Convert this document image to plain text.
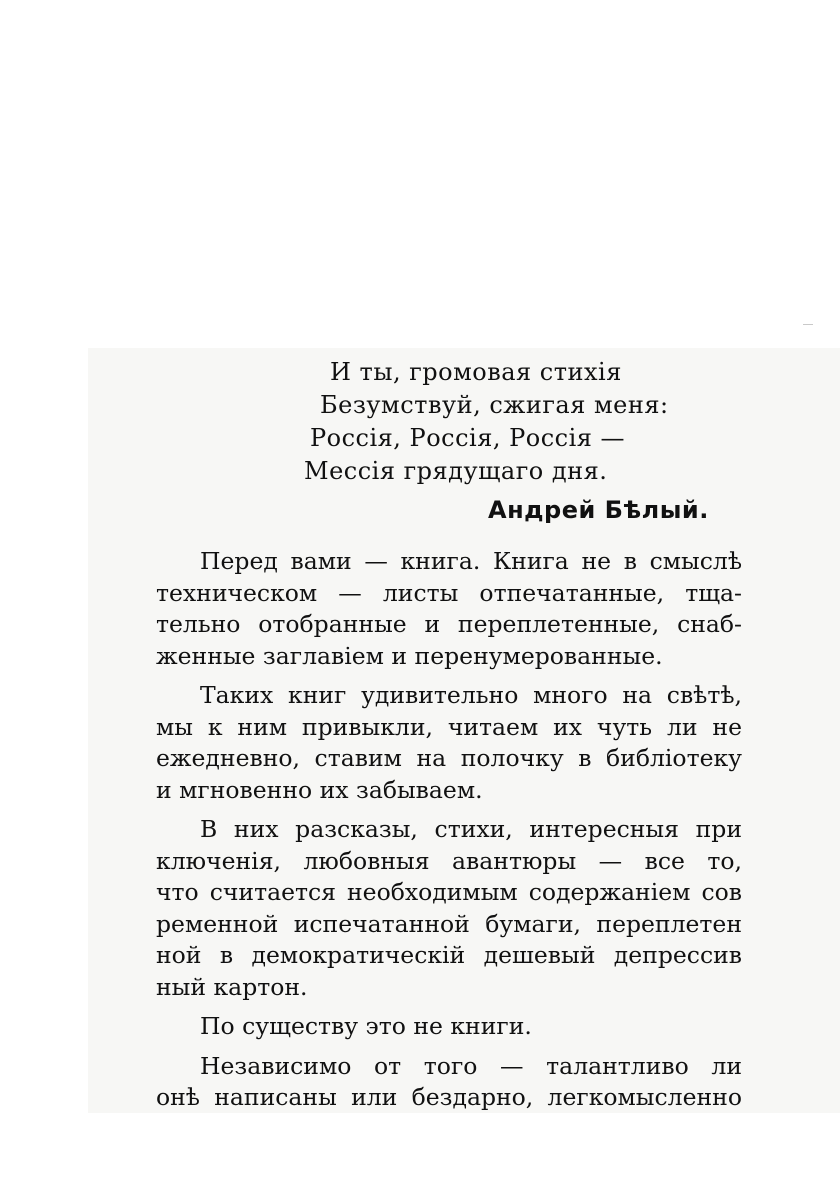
И ты, громовая стихія
Безумствуй, сжигая меня:
Россія, Россія, Россія —
Мессія грядущаго дня.
Андрей Бѣлый.
Перед вами — книга. Книга не в смыслѣ
техническом — листы отпечатанные, тща-
тельно отобранные и переплетенные, снаб-
женные заглавіем и перенумерованные.
Таких книг удивительно много на свѣтѣ,
мы к ним привыкли, читаем их чуть ли не
ежедневно, ставим на полочку в библіотеку
и мгновенно их забываем.
В них разсказы, стихи, интересныя при
ключенія, любовныя авантюры — все то,
что считается необходимым содержаніем сов
ременной испечатанной бумаги, переплетен
ной в демократическій дешевый депрессив
ный картон.
По существу это не книги.
Независимо от того — талантливо ли
онѣ написаны или бездарно, легкомысленно
